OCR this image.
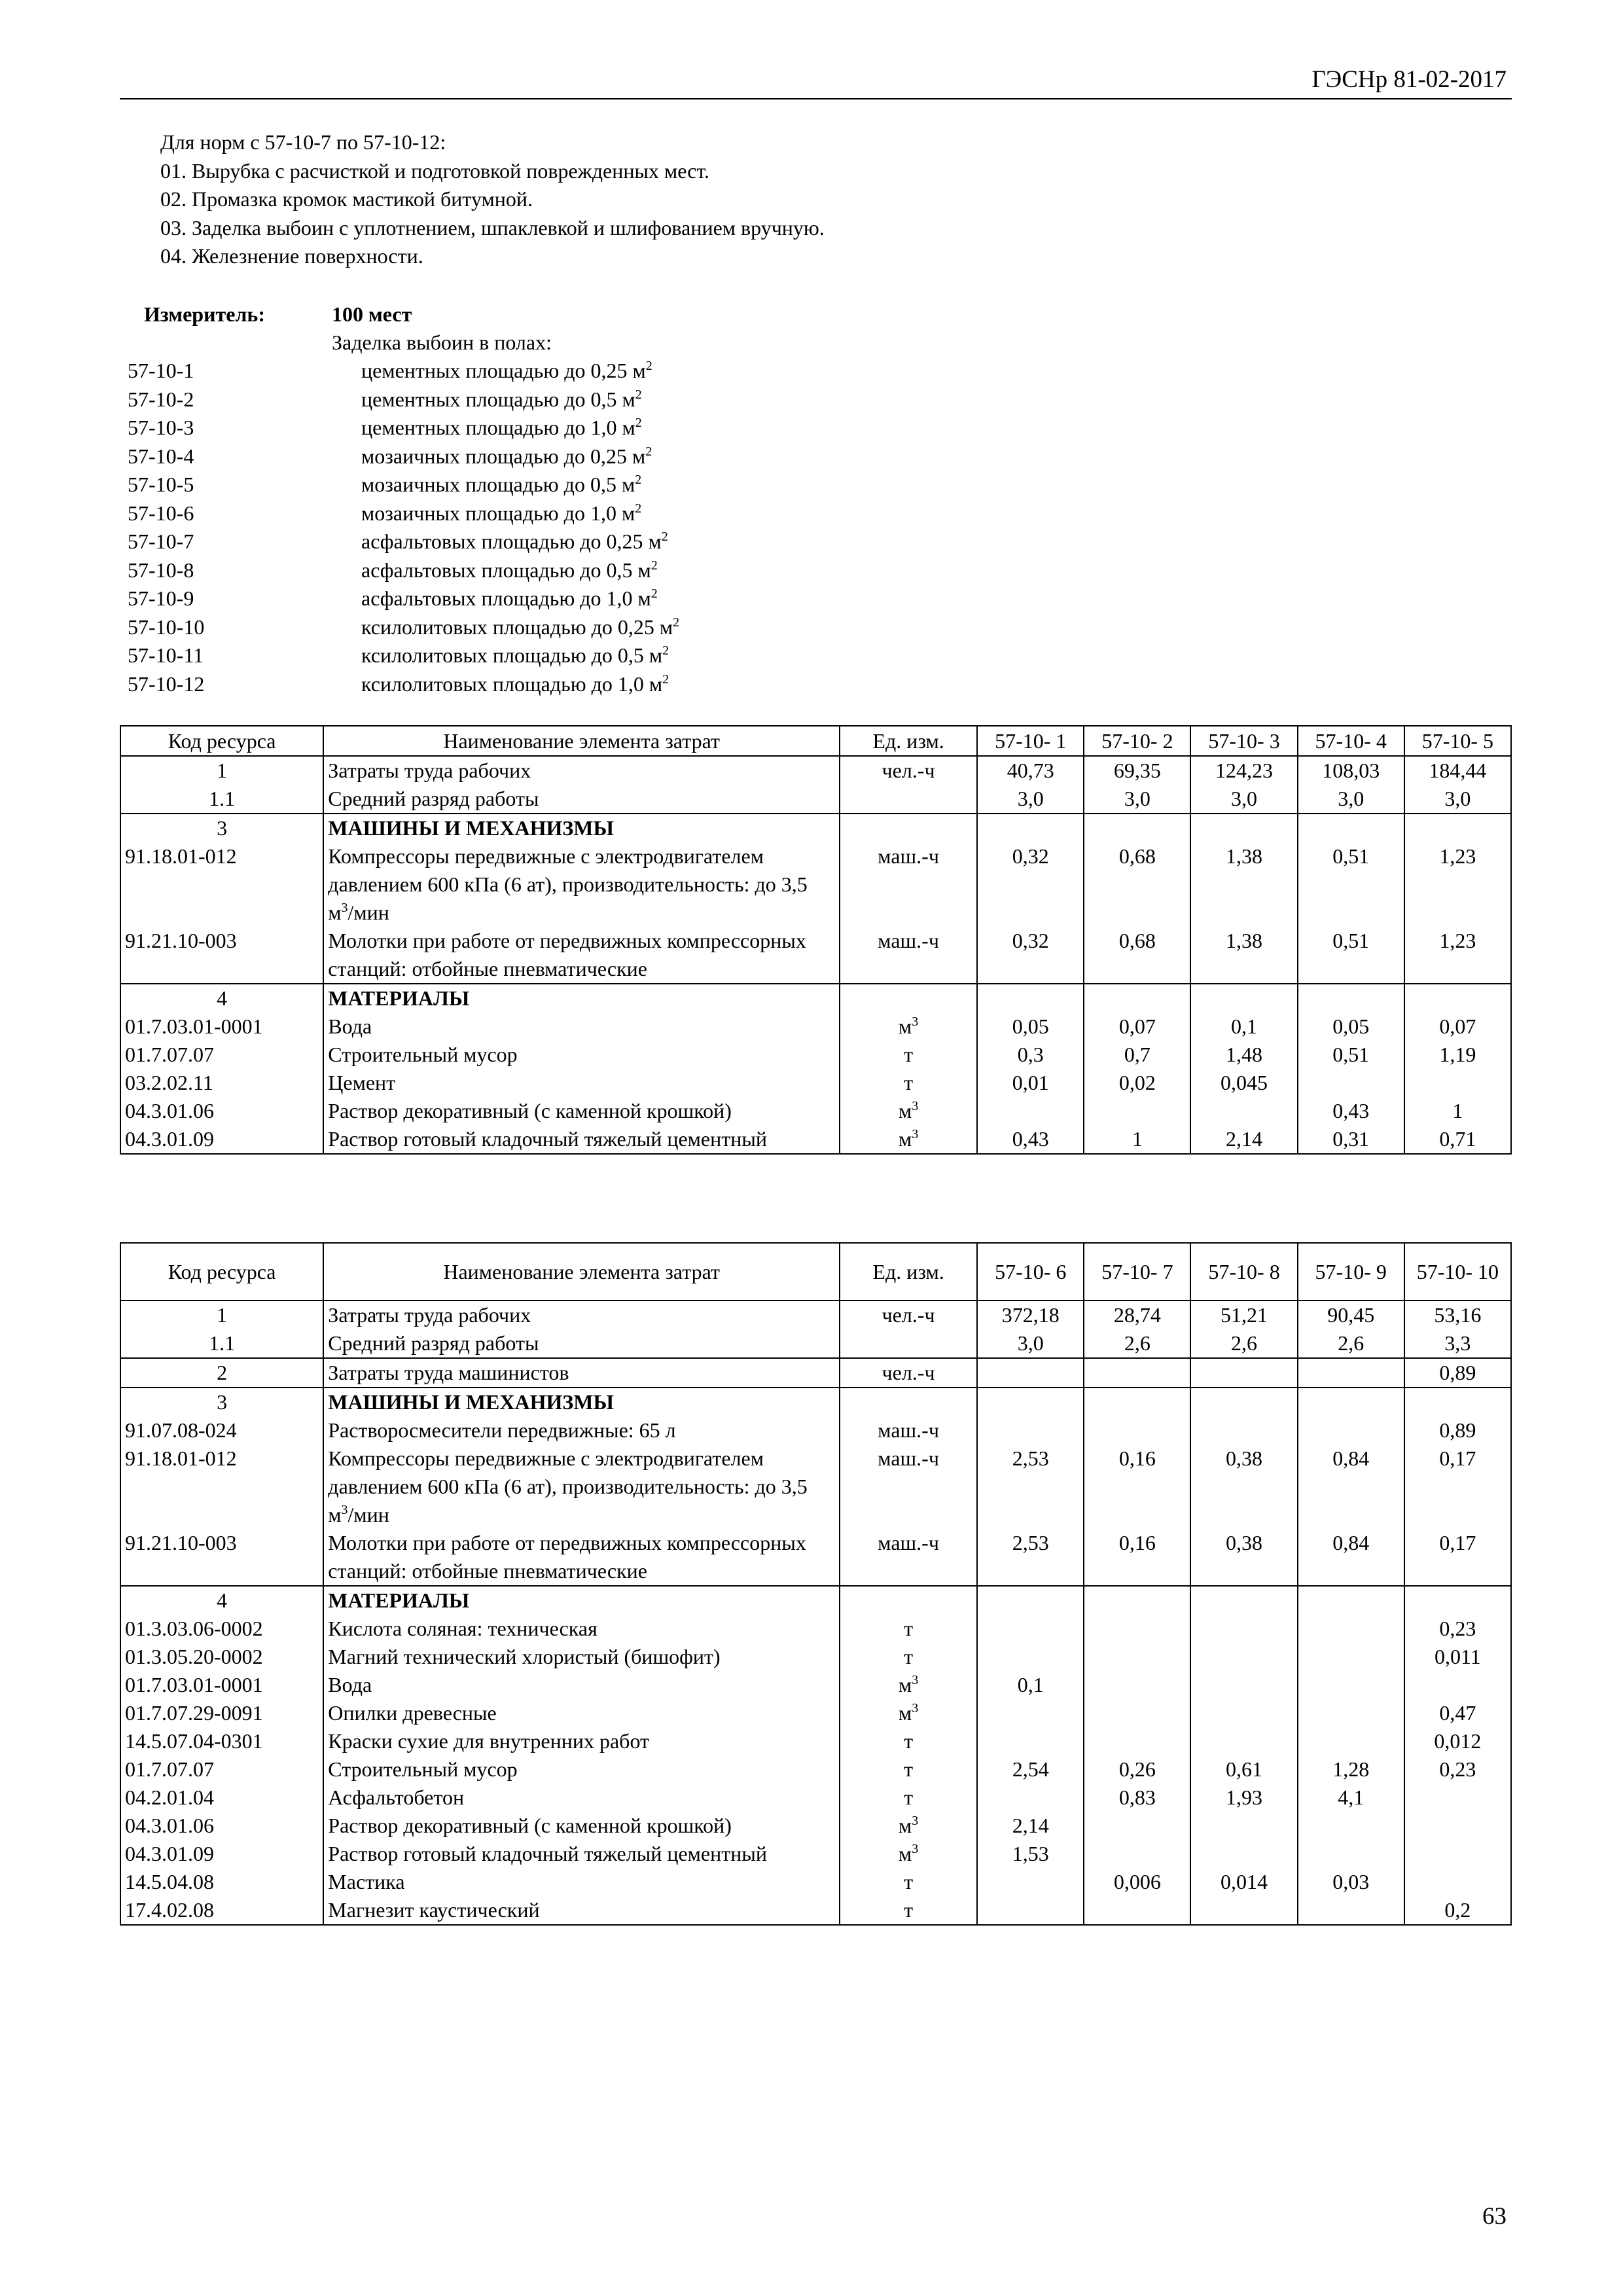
ГЭСНр 81-02-2017
Для норм с 57-10-7 по 57-10-12:
01. Вырубка с расчисткой и подготовкой поврежденных мест.
02. Промазка кромок мастикой битумной.
03. Заделка выбоин с уплотнением, шпаклевкой и шлифованием вручную.
04. Железнение поверхности.
Измеритель:	100 мест
Заделка выбоин в полах:
57-10-1	цементных площадью до 0,25 $м^2$
57-10-2	цементных площадью до 0,5 $м^2$
57-10-3	цементных площадью до 1,0 $м^2$
57-10-4	мозаичных площадью до 0,25 $м^2$
57-10-5	мозаичных площадью до 0,5 $м^2$
57-10-6	мозаичных площадью до 1,0 $м^2$
57-10-7	асфальтовых площадью до 0,25 $м^2$
57-10-8	асфальтовых площадью до 0,5 $м^2$
57-10-9	асфальтовых площадью до 1,0 $м^2$
57-10-10	ксилолитовых площадью до 0,25 $м^2$
57-10-11	ксилолитовых площадью до 0,5 $м^2$
57-10-12	ксилолитовых площадью до 1,0 $м^2$
Код ресурса	Наименование элемента затрат	Ед. изм.	57-10- 1	57-10- 2	57-10- 3	57-10- 4	57-10- 5
1	Затраты труда рабочих	чел.-ч	40,73	69,35	124,23	108,03	184,44
1.1	Средний разряд работы		3,0	3,0	3,0	3,0	3,0
3	МАШИНЫ И МЕХАНИЗМЫ						
91.18.01-012	Компрессоры передвижные с электродвигателем давлением 600 кПа (6 ат), производительность: до 3,5 $м^3$/мин	маш.-ч	0,32	0,68	1,38	0,51	1,23
91.21.10-003	Молотки при работе от передвижных компрессорных станций: отбойные пневматические	маш.-ч	0,32	0,68	1,38	0,51	1,23
4	МАТЕРИАЛЫ						
01.7.03.01-0001	Вода	$м^3$	0,05	0,07	0,1	0,05	0,07
01.7.07.07	Строительный мусор	т	0,3	0,7	1,48	0,51	1,19
03.2.02.11	Цемент	т	0,01	0,02	0,045		
04.3.01.06	Раствор декоративный (с каменной крошкой)	$м^3$				0,43	1
04.3.01.09	Раствор готовый кладочный тяжелый цементный	$м^3$	0,43	1	2,14	0,31	0,71
Код ресурса	Наименование элемента затрат	Ед. изм.	57-10- 6	57-10- 7	57-10- 8	57-10- 9	57-10- 10
1	Затраты труда рабочих	чел.-ч	372,18	28,74	51,21	90,45	53,16
1.1	Средний разряд работы		3,0	2,6	2,6	2,6	3,3
2	Затраты труда машинистов	чел.-ч					0,89
3	МАШИНЫ И МЕХАНИЗМЫ						
91.07.08-024	Растворосмесители передвижные: 65 л	маш.-ч					0,89
91.18.01-012	Компрессоры передвижные с электродвигателем давлением 600 кПа (6 ат), производительность: до 3,5 $м^3$/мин	маш.-ч	2,53	0,16	0,38	0,84	0,17
91.21.10-003	Молотки при работе от передвижных компрессорных станций: отбойные пневматические	маш.-ч	2,53	0,16	0,38	0,84	0,17
4	МАТЕРИАЛЫ						
01.3.03.06-0002	Кислота соляная: техническая	т					0,23
01.3.05.20-0002	Магний технический хлористый (бишофит)	т					0,011
01.7.03.01-0001	Вода	$м^3$	0,1				
01.7.07.29-0091	Опилки древесные	$м^3$					0,47
14.5.07.04-0301	Краски сухие для внутренних работ	т					0,012
01.7.07.07	Строительный мусор	т	2,54	0,26	0,61	1,28	0,23
04.2.01.04	Асфальтобетон	т		0,83	1,93	4,1	
04.3.01.06	Раствор декоративный (с каменной крошкой)	$м^3$	2,14				
04.3.01.09	Раствор готовый кладочный тяжелый цементный	$м^3$	1,53				
14.5.04.08	Мастика	т		0,006	0,014	0,03	
17.4.02.08	Магнезит каустический	т					0,2
63
